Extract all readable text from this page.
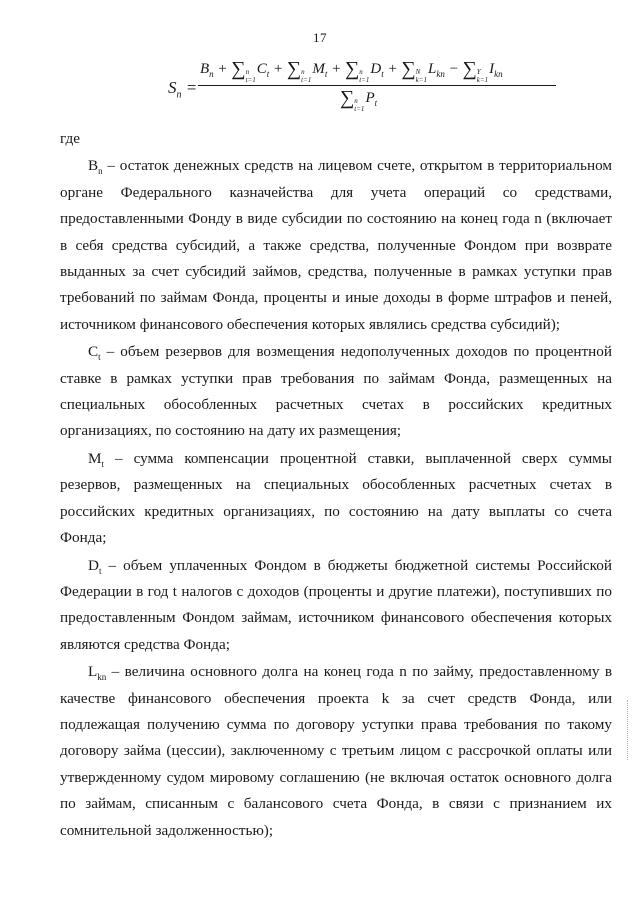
17
$S_n$ =
$B_n$ + ∑ n
t=1
$C_t$ + ∑ n
t=1
$M_t$ + ∑ n
t=1
$D_t$ + ∑ N
k=1
$L_{kn}$ − ∑ Y
k=1
$I_{kn}$
∑ n
t=1
$P_t$

где

$B_n$ – остаток денежных средств на лицевом счете, открытом в территориальном органе Федерального казначейства для учета операций со средствами, предоставленными Фонду в виде субсидии по состоянию на конец года n (включает в себя средства субсидий, а также средства, полученные Фондом при возврате выданных за счет субсидий займов, средства, полученные в рамках уступки прав требований по займам Фонда, проценты и иные доходы в форме штрафов и пеней, источником финансового обеспечения которых являлись средства субсидий);

$C_t$ – объем резервов для возмещения недополученных доходов по процентной ставке в рамках уступки прав требования по займам Фонда, размещенных на специальных обособленных расчетных счетах в российских кредитных организациях, по состоянию на дату их размещения;

$M_t$ – сумма компенсации процентной ставки, выплаченной сверх суммы резервов, размещенных на специальных обособленных расчетных счетах в российских кредитных организациях, по состоянию на дату выплаты со счета Фонда;

$D_t$ – объем уплаченных Фондом в бюджеты бюджетной системы Российской Федерации в год t налогов с доходов (проценты и другие платежи), поступивших по предоставленным Фондом займам, источником финансового обеспечения которых являются средства Фонда;

$L_{kn}$ – величина основного долга на конец года n по займу, предоставленному в качестве финансового обеспечения проекта k за счет средств Фонда, или подлежащая получению сумма по договору уступки права требования по такому договору займа (цессии), заключенному с третьим лицом с рассрочкой оплаты или утвержденному судом мировому соглашению (не включая остаток основного долга по займам, списанным с балансового счета Фонда, в связи с признанием их сомнительной задолженностью);
